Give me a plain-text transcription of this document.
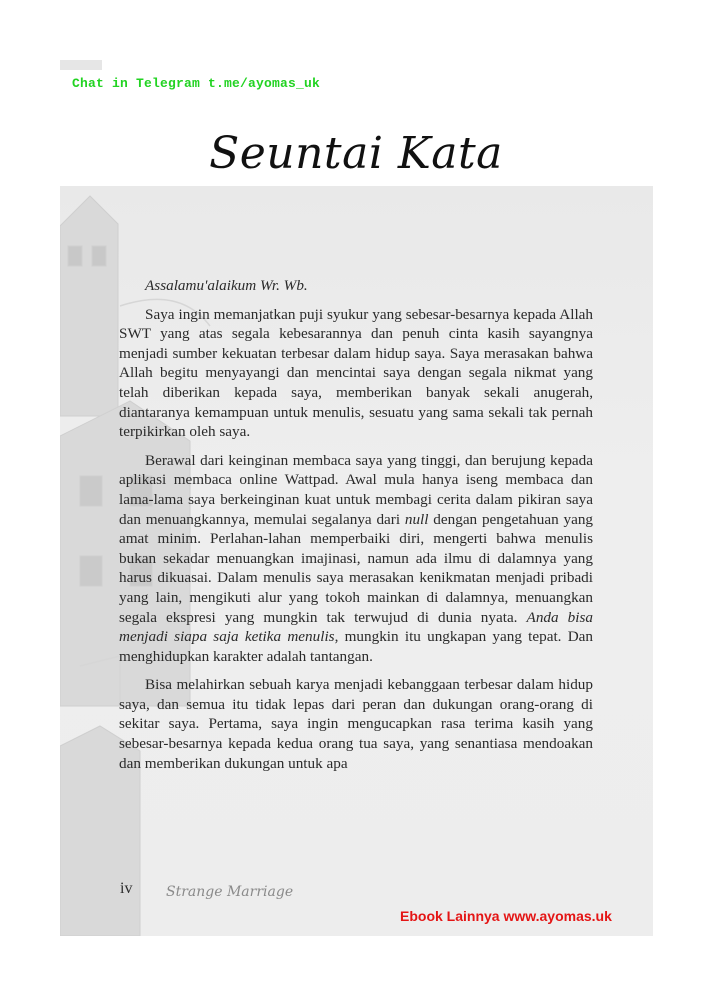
Chat in Telegram t.me/ayomas_uk
Seuntai Kata

Assalamu'alaikum Wr. Wb.

Saya ingin memanjatkan puji syukur yang sebesar-besarnya kepada Allah SWT yang atas segala kebesarannya dan penuh cinta kasih sayangnya menjadi sumber kekuatan terbesar dalam hidup saya. Saya merasakan bahwa Allah begitu menyayangi dan mencintai saya dengan segala nikmat yang telah diberikan kepada saya, memberikan banyak sekali anugerah, diantaranya kemampuan untuk menulis, sesuatu yang sama sekali tak pernah terpikirkan oleh saya.

Berawal dari keinginan membaca saya yang tinggi, dan berujung kepada aplikasi membaca online Wattpad. Awal mula hanya iseng membaca dan lama-lama saya berkeinginan kuat untuk membagi cerita dalam pikiran saya dan menuangkannya, memulai segalanya dari null dengan pengetahuan yang amat minim. Perlahan-lahan memperbaiki diri, mengerti bahwa menulis bukan sekadar menuangkan imajinasi, namun ada ilmu di dalamnya yang harus dikuasai. Dalam menulis saya merasakan kenikmatan menjadi pribadi yang lain, mengikuti alur yang tokoh mainkan di dalamnya, menuangkan segala ekspresi yang mungkin tak terwujud di dunia nyata. Anda bisa menjadi siapa saja ketika menulis, mungkin itu ungkapan yang tepat. Dan menghidupkan karakter adalah tantangan.

Bisa melahirkan sebuah karya menjadi kebanggaan terbesar dalam hidup saya, dan semua itu tidak lepas dari peran dan dukungan orang-orang di sekitar saya. Pertama, saya ingin mengucapkan rasa terima kasih yang sebesar-besarnya kepada kedua orang tua saya, yang senantiasa mendoakan dan memberikan dukungan untuk apa

iv Strange Marriage
Ebook Lainnya www.ayomas.uk
